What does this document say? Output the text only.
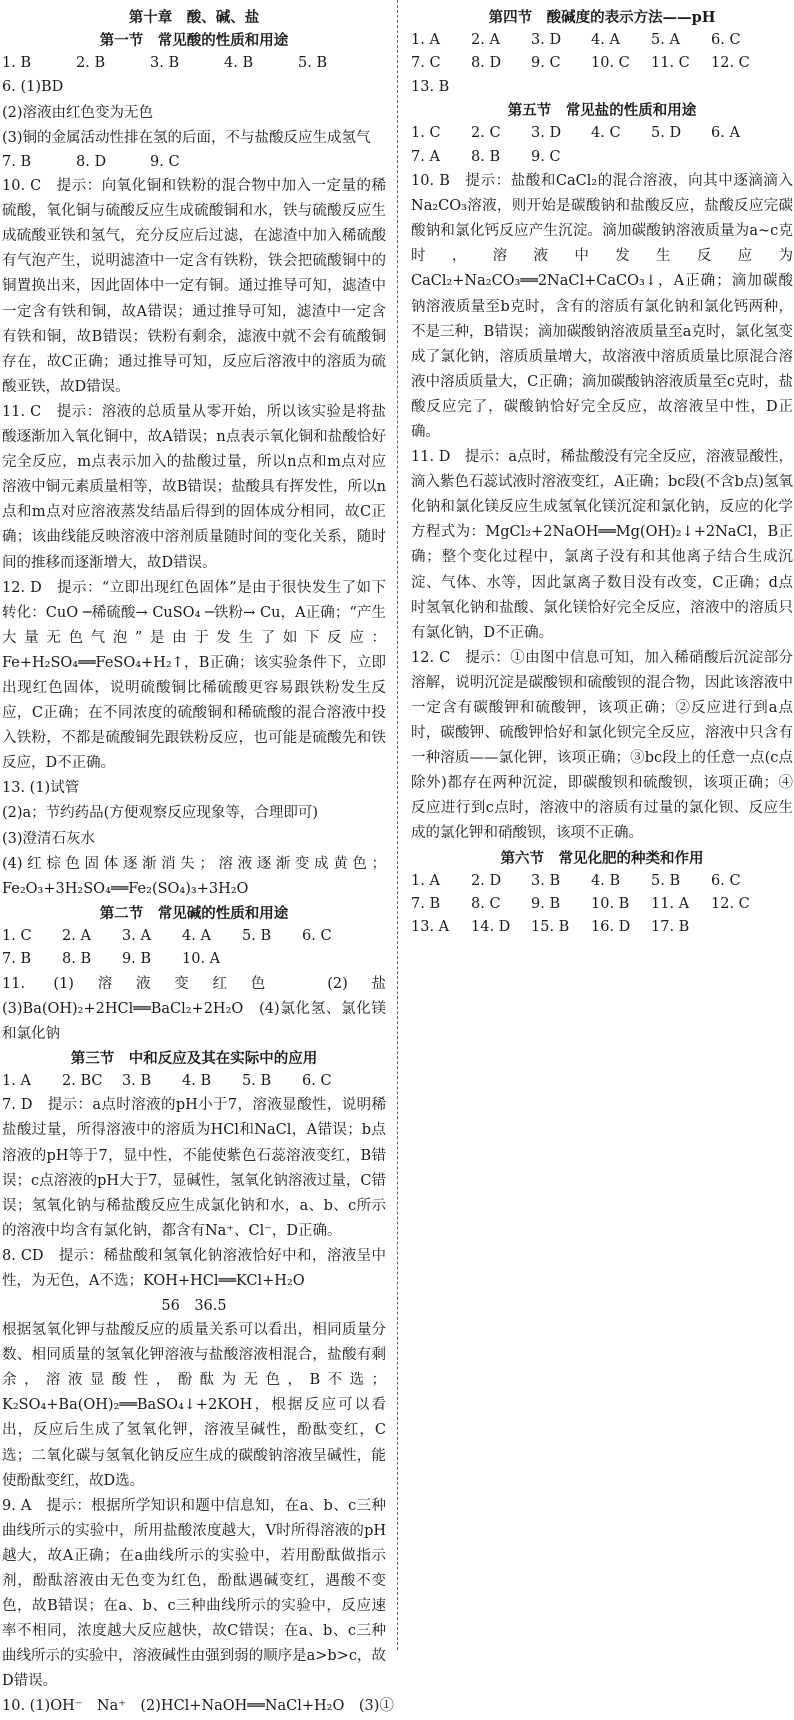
第十章　酸、碱、盐
第一节　常见酸的性质和用途
1. B	2. B	3. B	4. B	5. B
6. (1)BD
(2)溶液由红色变为无色
(3)铜的金属活动性排在氢的后面，不与盐酸反应生成氢气
7. B	8. D	9. C
10. C　提示：向氧化铜和铁粉的混合物中加入一定量的稀硫酸，氧化铜与硫酸反应生成硫酸铜和水，铁与硫酸反应生成硫酸亚铁和氢气，充分反应后过滤，在滤渣中加入稀硫酸有气泡产生，说明滤渣中一定含有铁粉，铁会把硫酸铜中的铜置换出来，因此固体中一定有铜。通过推导可知，滤渣中一定含有铁和铜，故A错误；通过推导可知，滤渣中一定含有铁和铜，故B错误；铁粉有剩余，滤液中就不会有硫酸铜存在，故C正确；通过推导可知，反应后溶液中的溶质为硫酸亚铁，故D错误。
11. C　提示：溶液的总质量从零开始，所以该实验是将盐酸逐渐加入氧化铜中，故A错误；n点表示氧化铜和盐酸恰好完全反应，m点表示加入的盐酸过量，所以n点和m点对应溶液中铜元素质量相等，故B错误；盐酸具有挥发性，所以n点和m点对应溶液蒸发结晶后得到的固体成分相同，故C正确；该曲线能反映溶液中溶剂质量随时间的变化关系，随时间的推移而逐渐增大，故D错误。
12. D　提示：“立即出现红色固体”是由于很快发生了如下转化：CuO ─稀硫酸→ CuSO₄ ─铁粉→ Cu，A正确；“产生大量无色气泡”是由于发生了如下反应：Fe+H₂SO₄══FeSO₄+H₂↑，B正确；该实验条件下，立即出现红色固体，说明硫酸铜比稀硫酸更容易跟铁粉发生反应，C正确；在不同浓度的硫酸铜和稀硫酸的混合溶液中投入铁粉，不都是硫酸铜先跟铁粉反应，也可能是硫酸先和铁反应，D不正确。
13. (1)试管
(2)a；节约药品(方便观察反应现象等，合理即可)
(3)澄清石灰水
(4)红棕色固体逐渐消失；溶液逐渐变成黄色；Fe₂O₃+3H₂SO₄══Fe₂(SO₄)₃+3H₂O
第二节　常见碱的性质和用途
1. C	2. A	3. A	4. A	5. B	6. C
7. B	8. B	9. B	10. A
11. (1)溶液变红色　(2)盐　(3)Ba(OH)₂+2HCl══BaCl₂+2H₂O　(4)氯化氢、氯化镁和氯化钠
第三节　中和反应及其在实际中的应用
1. A	2. BC	3. B	4. B	5. B	6. C
7. D　提示：a点时溶液的pH小于7，溶液显酸性，说明稀盐酸过量，所得溶液中的溶质为HCl和NaCl，A错误；b点溶液的pH等于7，显中性，不能使紫色石蕊溶液变红，B错误；c点溶液的pH大于7，显碱性，氢氧化钠溶液过量，C错误；氢氧化钠与稀盐酸反应生成氯化钠和水，a、b、c所示的溶液中均含有氯化钠，都含有Na⁺、Cl⁻，D正确。
8. CD　提示：稀盐酸和氢氧化钠溶液恰好中和，溶液呈中性，为无色，A不选；KOH+HCl══KCl+H₂O
56　36.5
根据氢氧化钾与盐酸反应的质量关系可以看出，相同质量分数、相同质量的氢氧化钾溶液与盐酸溶液相混合，盐酸有剩余，溶液显酸性，酚酞为无色，B不选；K₂SO₄+Ba(OH)₂══BaSO₄↓+2KOH，根据反应可以看出，反应后生成了氢氧化钾，溶液呈碱性，酚酞变红，C选；二氧化碳与氢氧化钠反应生成的碳酸钠溶液呈碱性，能使酚酞变红，故D选。
9. A　提示：根据所学知识和题中信息知，在a、b、c三种曲线所示的实验中，所用盐酸浓度越大，V时所得溶液的pH越大，故A正确；在a曲线所示的实验中，若用酚酞做指示剂，酚酞溶液由无色变为红色，酚酞遇碱变红，遇酸不变色，故B错误；在a、b、c三种曲线所示的实验中，反应速率不相同，浓度越大反应越快，故C错误；在a、b、c三种曲线所示的实验中，溶液碱性由强到弱的顺序是a>b>c，故D错误。
10. (1)OH⁻　Na⁺　(2)HCl+NaOH══NaCl+H₂O　(3)①
第四节　酸碱度的表示方法——pH
1. A	2. A	3. D	4. A	5. A	6. C
7. C	8. D	9. C	10. C	11. C	12. C
13. B
第五节　常见盐的性质和用途
1. C	2. C	3. D	4. C	5. D	6. A
7. A	8. B	9. C
10. B　提示：盐酸和CaCl₂的混合溶液，向其中逐滴滴入Na₂CO₃溶液，则开始是碳酸钠和盐酸反应，盐酸反应完碳酸钠和氯化钙反应产生沉淀。滴加碳酸钠溶液质量为a~c克时，溶液中发生反应为CaCl₂+Na₂CO₃══2NaCl+CaCO₃↓，A正确；滴加碳酸钠溶液质量至b克时，含有的溶质有氯化钠和氯化钙两种，不是三种，B错误；滴加碳酸钠溶液质量至a克时，氯化氢变成了氯化钠，溶质质量增大，故溶液中溶质质量比原混合溶液中溶质质量大，C正确；滴加碳酸钠溶液质量至c克时，盐酸反应完了，碳酸钠恰好完全反应，故溶液呈中性，D正确。
11. D　提示：a点时，稀盐酸没有完全反应，溶液显酸性，滴入紫色石蕊试液时溶液变红，A正确；bc段(不含b点)氢氧化钠和氯化镁反应生成氢氧化镁沉淀和氯化钠，反应的化学方程式为：MgCl₂+2NaOH══Mg(OH)₂↓+2NaCl，B正确；整个变化过程中，氯离子没有和其他离子结合生成沉淀、气体、水等，因此氯离子数目没有改变，C正确；d点时氢氧化钠和盐酸、氯化镁恰好完全反应，溶液中的溶质只有氯化钠，D不正确。
12. C　提示：①由图中信息可知，加入稀硝酸后沉淀部分溶解，说明沉淀是碳酸钡和硫酸钡的混合物，因此该溶液中一定含有碳酸钾和硫酸钾，该项正确；②反应进行到a点时，碳酸钾、硫酸钾恰好和氯化钡完全反应，溶液中只含有一种溶质——氯化钾，该项正确；③bc段上的任意一点(c点除外)都存在两种沉淀，即碳酸钡和硫酸钡，该项正确；④反应进行到c点时，溶液中的溶质有过量的氯化钡、反应生成的氯化钾和硝酸钡，该项不正确。
第六节　常见化肥的种类和作用
1. A	2. D	3. B	4. B	5. B	6. C
7. B	8. C	9. B	10. B	11. A	12. C
13. A	14. D	15. B	16. D	17. B
